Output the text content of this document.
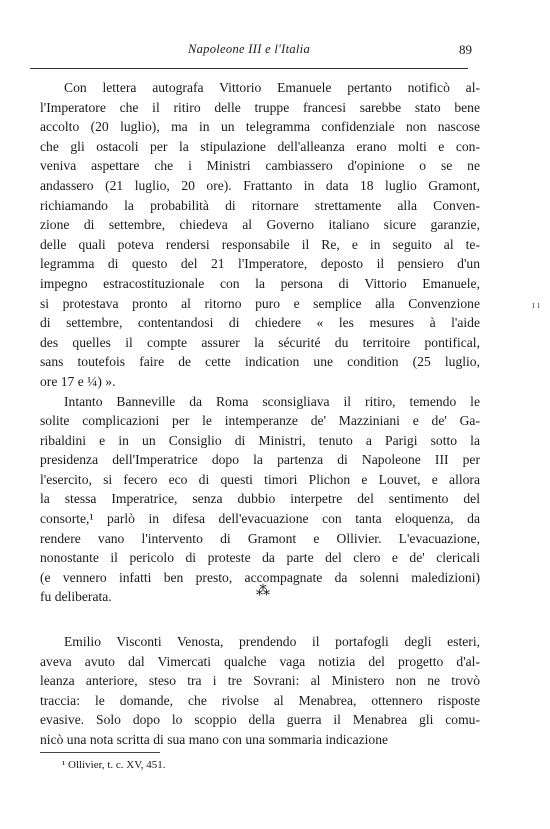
Napoleone III e l'Italia	89
Con lettera autografa Vittorio Emanuele pertanto notificò al-
l'Imperatore che il ritiro delle truppe francesi sarebbe stato bene
accolto (20 luglio), ma in un telegramma confidenziale non nascose
che gli ostacoli per la stipulazione dell'alleanza erano molti e con-
veniva aspettare che i Ministri cambiassero d'opinione o se ne
andassero (21 luglio, 20 ore). Frattanto in data 18 luglio Gramont,
richiamando la probabilità di ritornare strettamente alla Conven-
zione di settembre, chiedeva al Governo italiano sicure garanzie,
delle quali poteva rendersi responsabile il Re, e in seguito al te-
legramma di questo del 21 l'Imperatore, deposto il pensiero d'un
impegno estracostituzionale con la persona di Vittorio Emanuele,
si protestava pronto al ritorno puro e semplice alla Convenzione
di settembre, contentandosi di chiedere « les mesures à l'aide
des quelles il compte assurer la sécurité du territoire pontifical,
sans toutefois faire de cette indication une condition (25 luglio,
ore 17 e ¼) ».
Intanto Banneville da Roma sconsigliava il ritiro, temendo le
solite complicazioni per le intemperanze de' Mazziniani e de' Ga-
ribaldini e in un Consiglio di Ministri, tenuto a Parigi sotto la
presidenza dell'Imperatrice dopo la partenza di Napoleone III per
l'esercito, si fecero eco di questi timori Plichon e Louvet, e allora
la stessa Imperatrice, senza dubbio interpetre del sentimento del
consorte,¹ parlò in difesa dell'evacuazione con tanta eloquenza, da
rendere vano l'intervento di Gramont e Ollivier. L'evacuazione,
nonostante il pericolo di proteste da parte del clero e de' clericali
(e vennero infatti ben presto, accompagnate da solenni maledizioni)
fu deliberata.	⁂
Emilio Visconti Venosta, prendendo il portafogli degli esteri,
aveva avuto dal Vimercati qualche vaga notizia del progetto d'al-
leanza anteriore, steso tra i tre Sovrani: al Ministero non ne trovò
traccia: le domande, che rivolse al Menabrea, ottennero risposte
evasive. Solo dopo lo scoppio della guerra il Menabrea gli comu-
nicò una nota scritta di sua mano con una sommaria indicazione
¹ Ollivier, t. c. XV, 451.
ı ı
